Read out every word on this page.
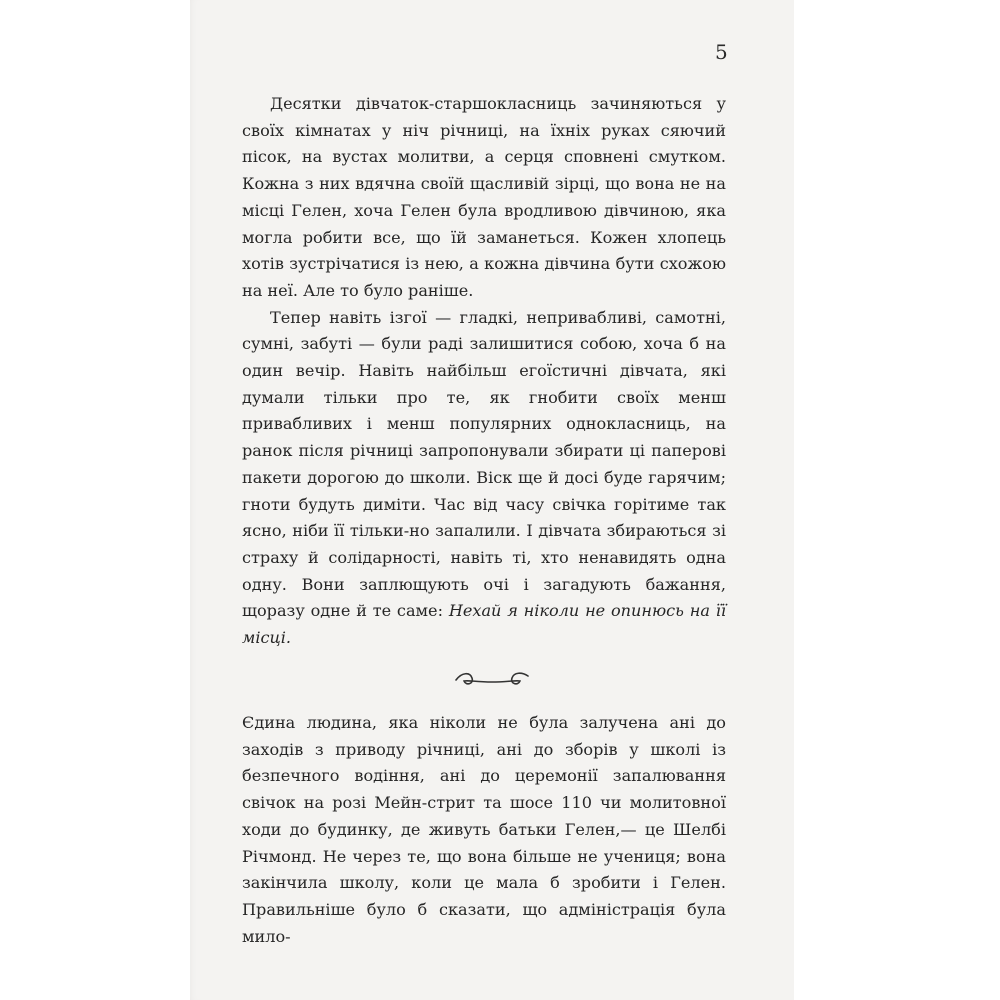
5

Десятки дівчаток-старшокласниць зачиняються у своїх кімнатах у ніч річниці, на їхніх руках сяючий пісок, на вустах молитви, а серця сповнені смутком. Кожна з них вдячна своїй щасливій зірці, що вона не на місці Гелен, хоча Гелен була вродливою дівчиною, яка могла робити все, що їй заманеться. Кожен хлопець хотів зустрічатися із нею, а кожна дівчина бути схожою на неї. Але то було раніше.

Тепер навіть ізгої — гладкі, непривабливі, самотні, сумні, забуті — були раді залишитися собою, хоча б на один вечір. Навіть найбільш егоїстичні дівчата, які думали тільки про те, як гнобити своїх менш привабливих і менш популярних однокласниць, на ранок після річниці запропонували збирати ці паперові пакети дорогою до школи. Віск ще й досі буде гарячим; гноти будуть диміти. Час від часу свічка горітиме так ясно, ніби її тільки-но запалили. І дівчата збираються зі страху й солідарності, навіть ті, хто ненавидять одна одну. Вони заплющують очі і загадують бажання, щоразу одне й те саме: Нехай я ніколи не опинюсь на її місці.

Єдина людина, яка ніколи не була залучена ані до заходів з приводу річниці, ані до зборів у школі із безпечного водіння, ані до церемонії запалювання свічок на розі Мейн-стрит та шосе 110 чи молитовної ходи до будинку, де живуть батьки Гелен,— це Шелбі Річмонд. Не через те, що вона більше не учениця; вона закінчила школу, коли це мала б зробити і Гелен. Правильніше було б сказати, що адміністрація була мило-
